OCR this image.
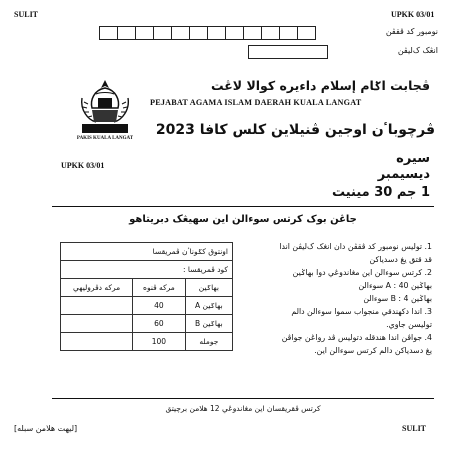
SULIT	UPKK 03/01
نومبور کد ڤقڤن
انڠک ک‌ليڤن
PAKIS KUALA LANGAT
ڤجابت اݢام إسلام داءيره كوالا لاڠت
PEJABAT AGAMA ISLAM DAERAH KUALA LANGAT
ڤرچوباٴن اوجين ڤنيلاين كلس كافا 2023
UPKK 03/01	سيره
ديسيمبر
1 جم 30 مينيت
جاڠن بوک کرتس سوءالن اين سهيڠک دبريتاهو
اونتوق كݢوناٴن ڤمريقسا		
كود ڤمريقسا :		
مركه دڤرولیهي	مركه ڤنوه	بهاݢين
	40	بهاݢين A
	60	بهاݢين B
	100	جومله
1. توليس نومبور كد ڤقڤن دان انڠک ک‌ليڤن اندا
قد قتق يڠ دسدياكن
2. كرتس سوءالن اين مڠاندوڠي دوا بهاݢين
بهاݢين A : 40 سوءالن
بهاݢين B : 4 سوءالن
3. اندا دكهندقي منجواب سموا سوءالن دالم
توليسن جاوي.
4. جواڤن اندا هندقله دتوليس ڤد رواڠن جواڤن
يڠ دسدياكن دالم كرتس سوءالن اين.
كرتس ڤقريقسان اين مڠاندوڠي 12 هلامن برچيتق
[ليهت هلامن سبله]	SULIT
